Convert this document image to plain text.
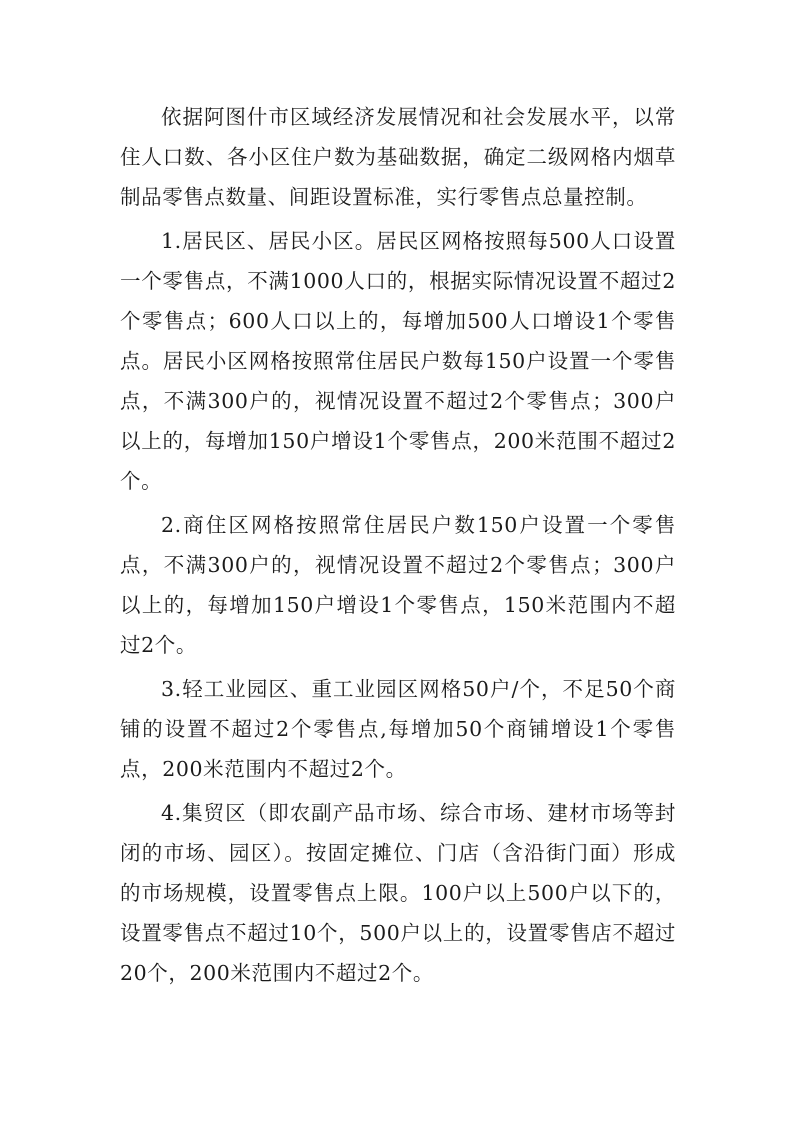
依据阿图什市区域经济发展情况和社会发展水平，以常住人口数、各小区住户数为基础数据，确定二级网格内烟草制品零售点数量、间距设置标准，实行零售点总量控制。

1.居民区、居民小区。居民区网格按照每500人口设置一个零售点，不满1000人口的，根据实际情况设置不超过2个零售点；600人口以上的，每增加500人口增设1个零售点。居民小区网格按照常住居民户数每150户设置一个零售点，不满300户的，视情况设置不超过2个零售点；300户以上的，每增加150户增设1个零售点，200米范围不超过2个。

2.商住区网格按照常住居民户数150户设置一个零售点，不满300户的，视情况设置不超过2个零售点；300户以上的，每增加150户增设1个零售点，150米范围内不超过2个。

3.轻工业园区、重工业园区网格50户/个，不足50个商铺的设置不超过2个零售点,每增加50个商铺增设1个零售点，200米范围内不超过2个。

4.集贸区（即农副产品市场、综合市场、建材市场等封闭的市场、园区）。按固定摊位、门店（含沿街门面）形成的市场规模，设置零售点上限。100户以上500户以下的，设置零售点不超过10个，500户以上的，设置零售店不超过20个，200米范围内不超过2个。
